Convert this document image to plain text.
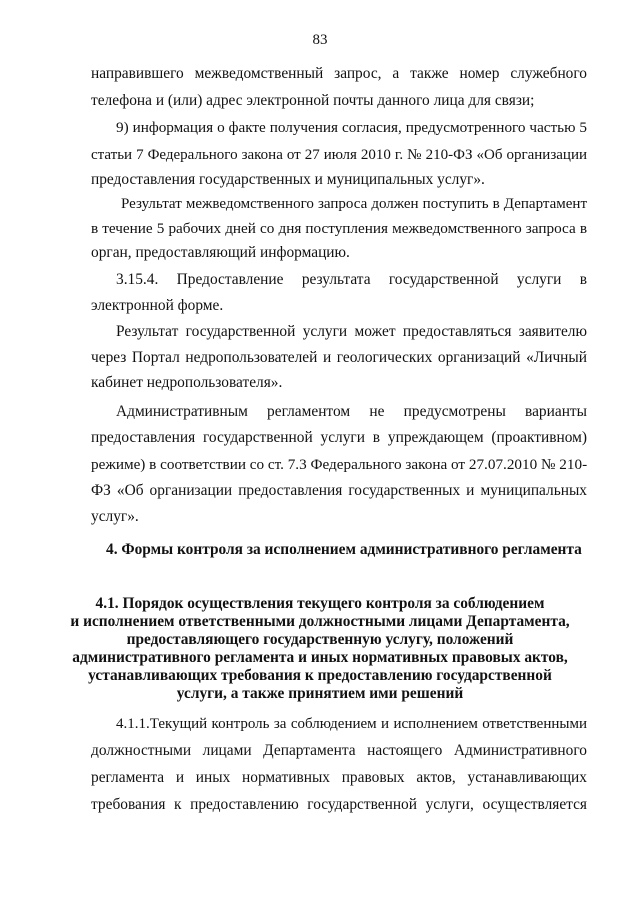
83
направившего межведомственный запрос, а также номер служебного
телефона и (или) адрес электронной почты данного лица для связи;
9) информация о факте получения согласия, предусмотренного частью 5
статьи 7 Федерального закона от 27 июля 2010 г. № 210-ФЗ «Об организации
предоставления государственных и муниципальных услуг».
Результат межведомственного запроса должен поступить в Департамент
в течение 5 рабочих дней со дня поступления межведомственного запроса в
орган, предоставляющий информацию.
3.15.4. Предоставление результата государственной услуги в
электронной форме.
Результат государственной услуги может предоставляться заявителю
через Портал недропользователей и геологических организаций «Личный
кабинет недропользователя».
Административным регламентом не предусмотрены варианты
предоставления государственной услуги в упреждающем (проактивном)
режиме) в соответствии со ст. 7.3 Федерального закона от 27.07.2010 № 210-
ФЗ «Об организации предоставления государственных и муниципальных
услуг».
4. Формы контроля за исполнением административного регламента
4.1. Порядок осуществления текущего контроля за соблюдением
и исполнением ответственными должностными лицами Департамента,
предоставляющего государственную услугу, положений
административного регламента и иных нормативных правовых актов,
устанавливающих требования к предоставлению государственной
услуги, а также принятием ими решений
4.1.1.Текущий контроль за соблюдением и исполнением ответственными
должностными лицами Департамента настоящего Административного
регламента и иных нормативных правовых актов, устанавливающих
требования к предоставлению государственной услуги, осуществляется
